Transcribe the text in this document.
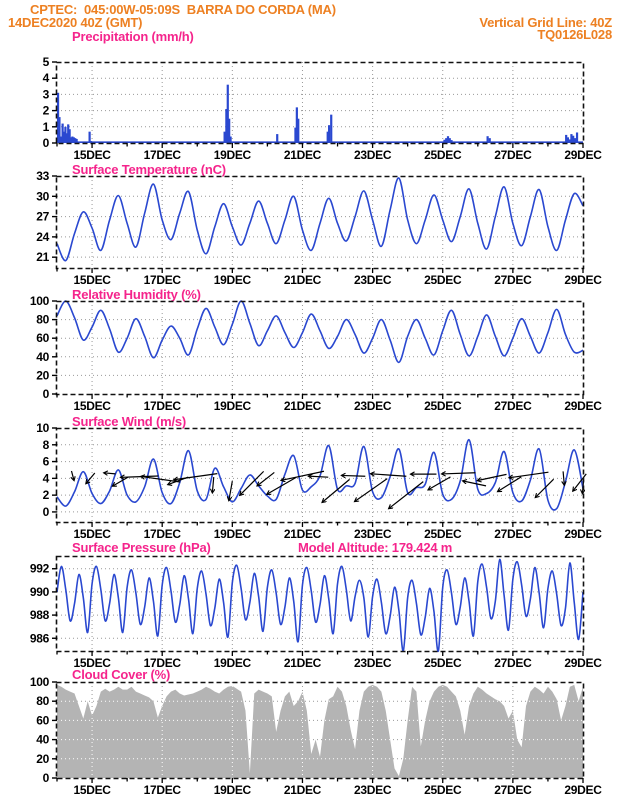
CPTEC:  045:00W-05:09S  BARRA DO CORDA (MA)
14DEC2020 40Z (GMT)	Vertical Grid Line: 40Z
TQ0126L028
Precipitation (mm/h)
Surface Temperature (nC)
Relative Humidity (%)
Surface Wind (m/s)
Surface Pressure (hPa)	Model Altitude: 179.424 m
Cloud Cover (%)
0
1
2
3
4
5
15DEC	17DEC	19DEC	21DEC	23DEC	25DEC	27DEC	29DEC
21
24
27
30
33
15DEC	17DEC	19DEC	21DEC	23DEC	25DEC	27DEC	29DEC
0
20
40
60
80
100
15DEC	17DEC	19DEC	21DEC	23DEC	25DEC	27DEC	29DEC
0
2
4
6
8
10
15DEC	17DEC	19DEC	21DEC	23DEC	25DEC	27DEC	29DEC
986
988
990
992
15DEC	17DEC	19DEC	21DEC	23DEC	25DEC	27DEC	29DEC
0
20
40
60
80
100
15DEC	17DEC	19DEC	21DEC	23DEC	25DEC	27DEC	29DEC
